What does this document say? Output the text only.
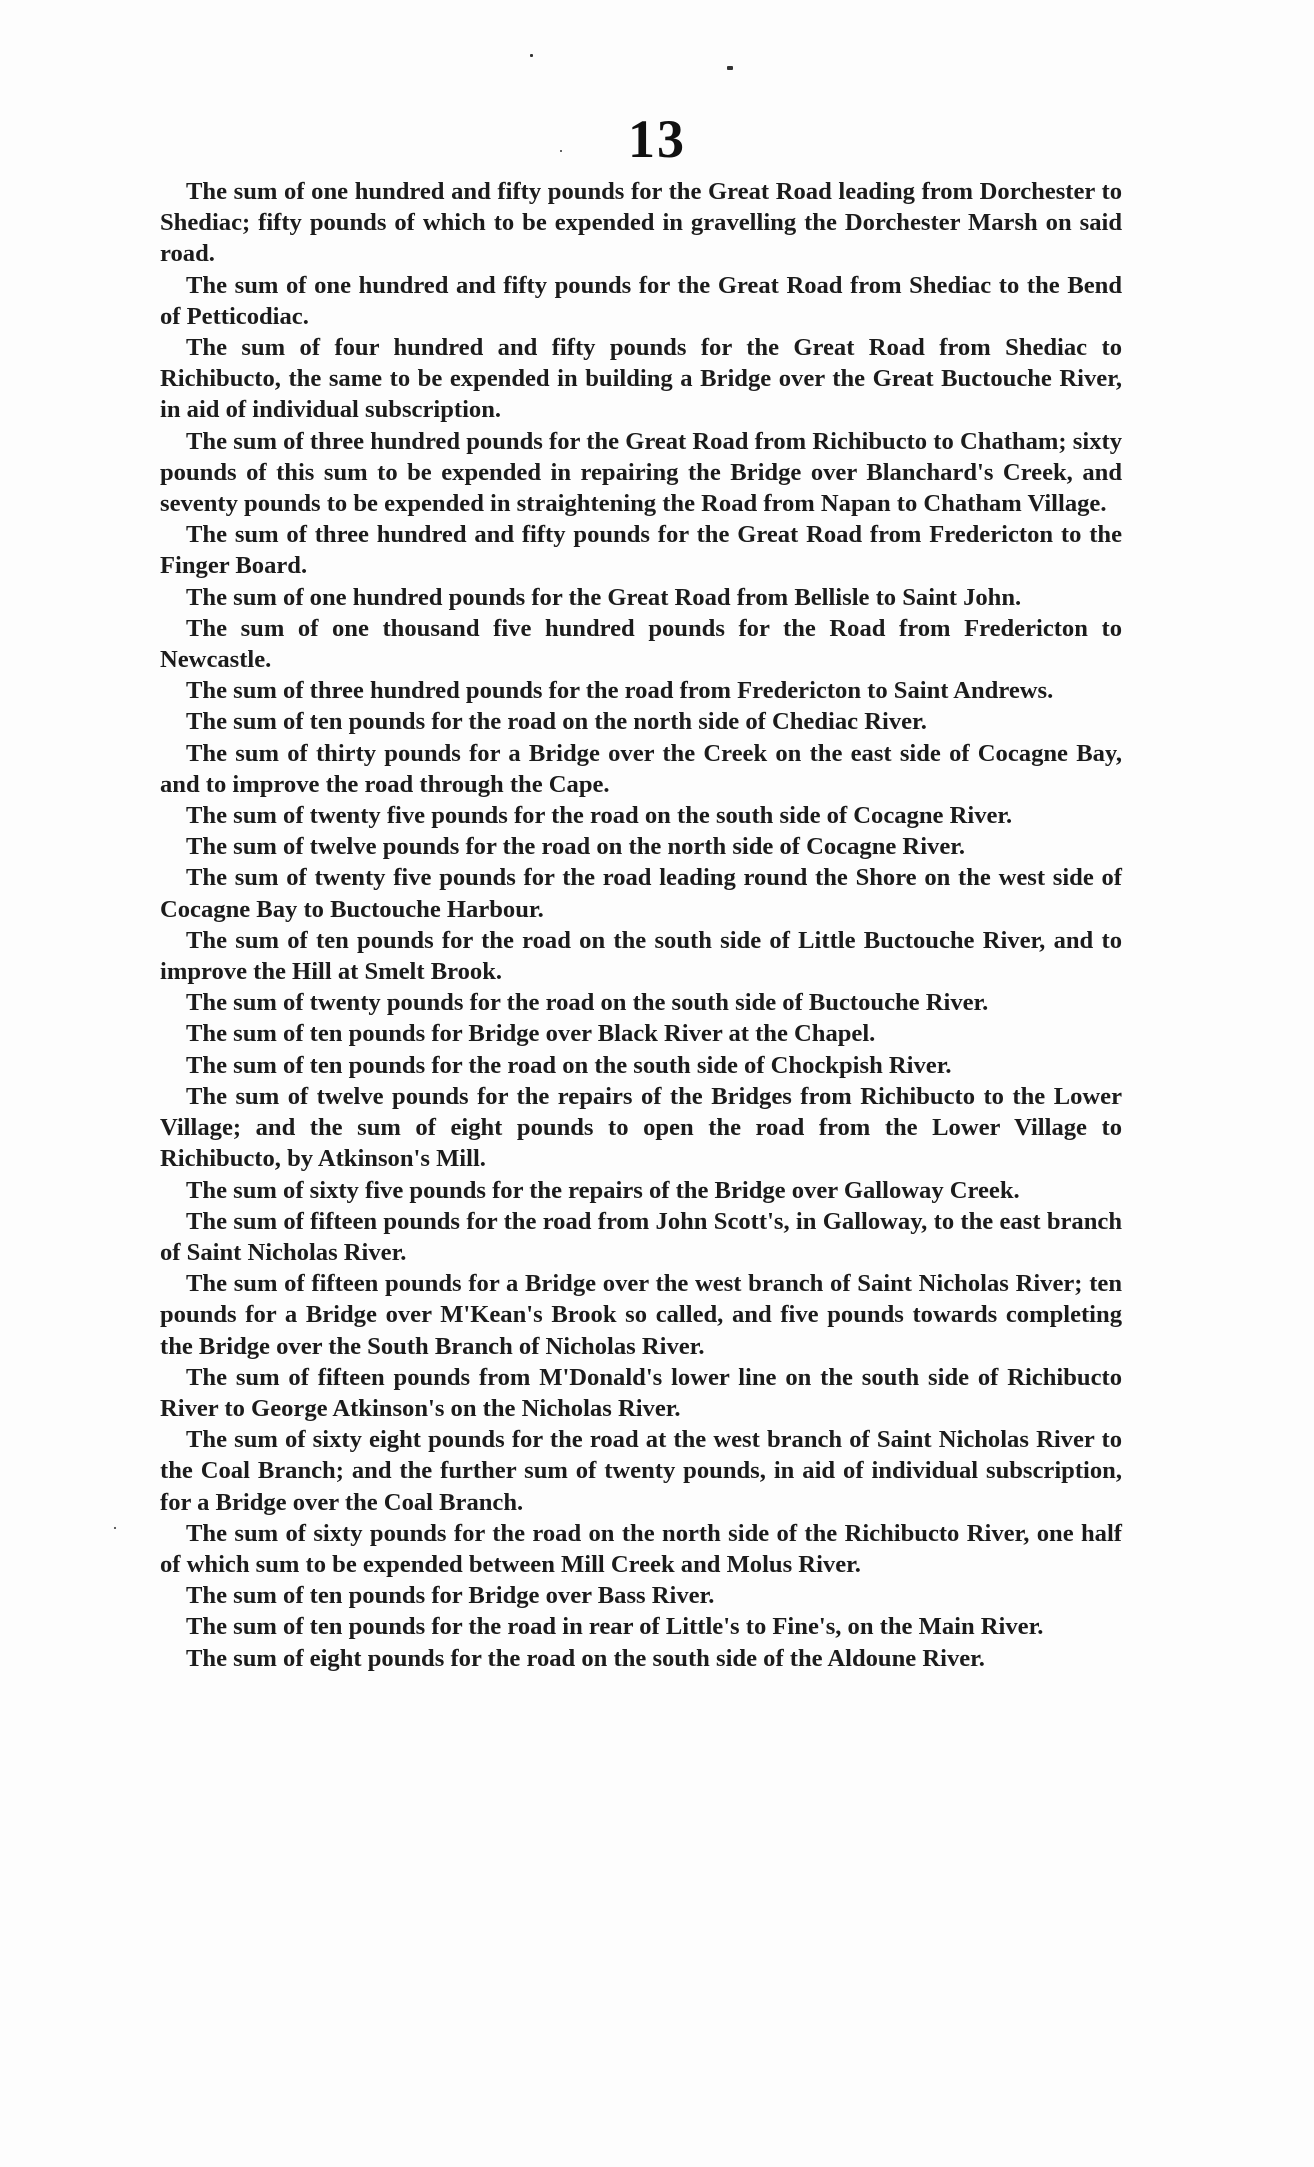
13

The sum of one hundred and fifty pounds for the Great Road leading from Dorchester to Shediac; fifty pounds of which to be expended in gravelling the Dorchester Marsh on said road.

The sum of one hundred and fifty pounds for the Great Road from Shediac to the Bend of Petticodiac.

The sum of four hundred and fifty pounds for the Great Road from Shediac to Richibucto, the same to be expended in building a Bridge over the Great Buctouche River, in aid of individual subscription.

The sum of three hundred pounds for the Great Road from Richibucto to Chatham; sixty pounds of this sum to be expended in repairing the Bridge over Blanchard's Creek, and seventy pounds to be expended in straightening the Road from Napan to Chatham Village.

The sum of three hundred and fifty pounds for the Great Road from Fredericton to the Finger Board.

The sum of one hundred pounds for the Great Road from Bellisle to Saint John.

The sum of one thousand five hundred pounds for the Road from Fredericton to Newcastle.

The sum of three hundred pounds for the road from Fredericton to Saint Andrews.

The sum of ten pounds for the road on the north side of Chediac River.

The sum of thirty pounds for a Bridge over the Creek on the east side of Cocagne Bay, and to improve the road through the Cape.

The sum of twenty five pounds for the road on the south side of Cocagne River.

The sum of twelve pounds for the road on the north side of Cocagne River.

The sum of twenty five pounds for the road leading round the Shore on the west side of Cocagne Bay to Buctouche Harbour.

The sum of ten pounds for the road on the south side of Little Buctouche River, and to improve the Hill at Smelt Brook.

The sum of twenty pounds for the road on the south side of Buctouche River.

The sum of ten pounds for Bridge over Black River at the Chapel.

The sum of ten pounds for the road on the south side of Chockpish River.

The sum of twelve pounds for the repairs of the Bridges from Richibucto to the Lower Village; and the sum of eight pounds to open the road from the Lower Village to Richibucto, by Atkinson's Mill.

The sum of sixty five pounds for the repairs of the Bridge over Galloway Creek.

The sum of fifteen pounds for the road from John Scott's, in Galloway, to the east branch of Saint Nicholas River.

The sum of fifteen pounds for a Bridge over the west branch of Saint Nicholas River; ten pounds for a Bridge over M'Kean's Brook so called, and five pounds towards completing the Bridge over the South Branch of Nicholas River.

The sum of fifteen pounds from M'Donald's lower line on the south side of Richibucto River to George Atkinson's on the Nicholas River.

The sum of sixty eight pounds for the road at the west branch of Saint Nicholas River to the Coal Branch; and the further sum of twenty pounds, in aid of individual subscription, for a Bridge over the Coal Branch.

The sum of sixty pounds for the road on the north side of the Richibucto River, one half of which sum to be expended between Mill Creek and Molus River.

The sum of ten pounds for Bridge over Bass River.

The sum of ten pounds for the road in rear of Little's to Fine's, on the Main River.

The sum of eight pounds for the road on the south side of the Aldoune River.

·
